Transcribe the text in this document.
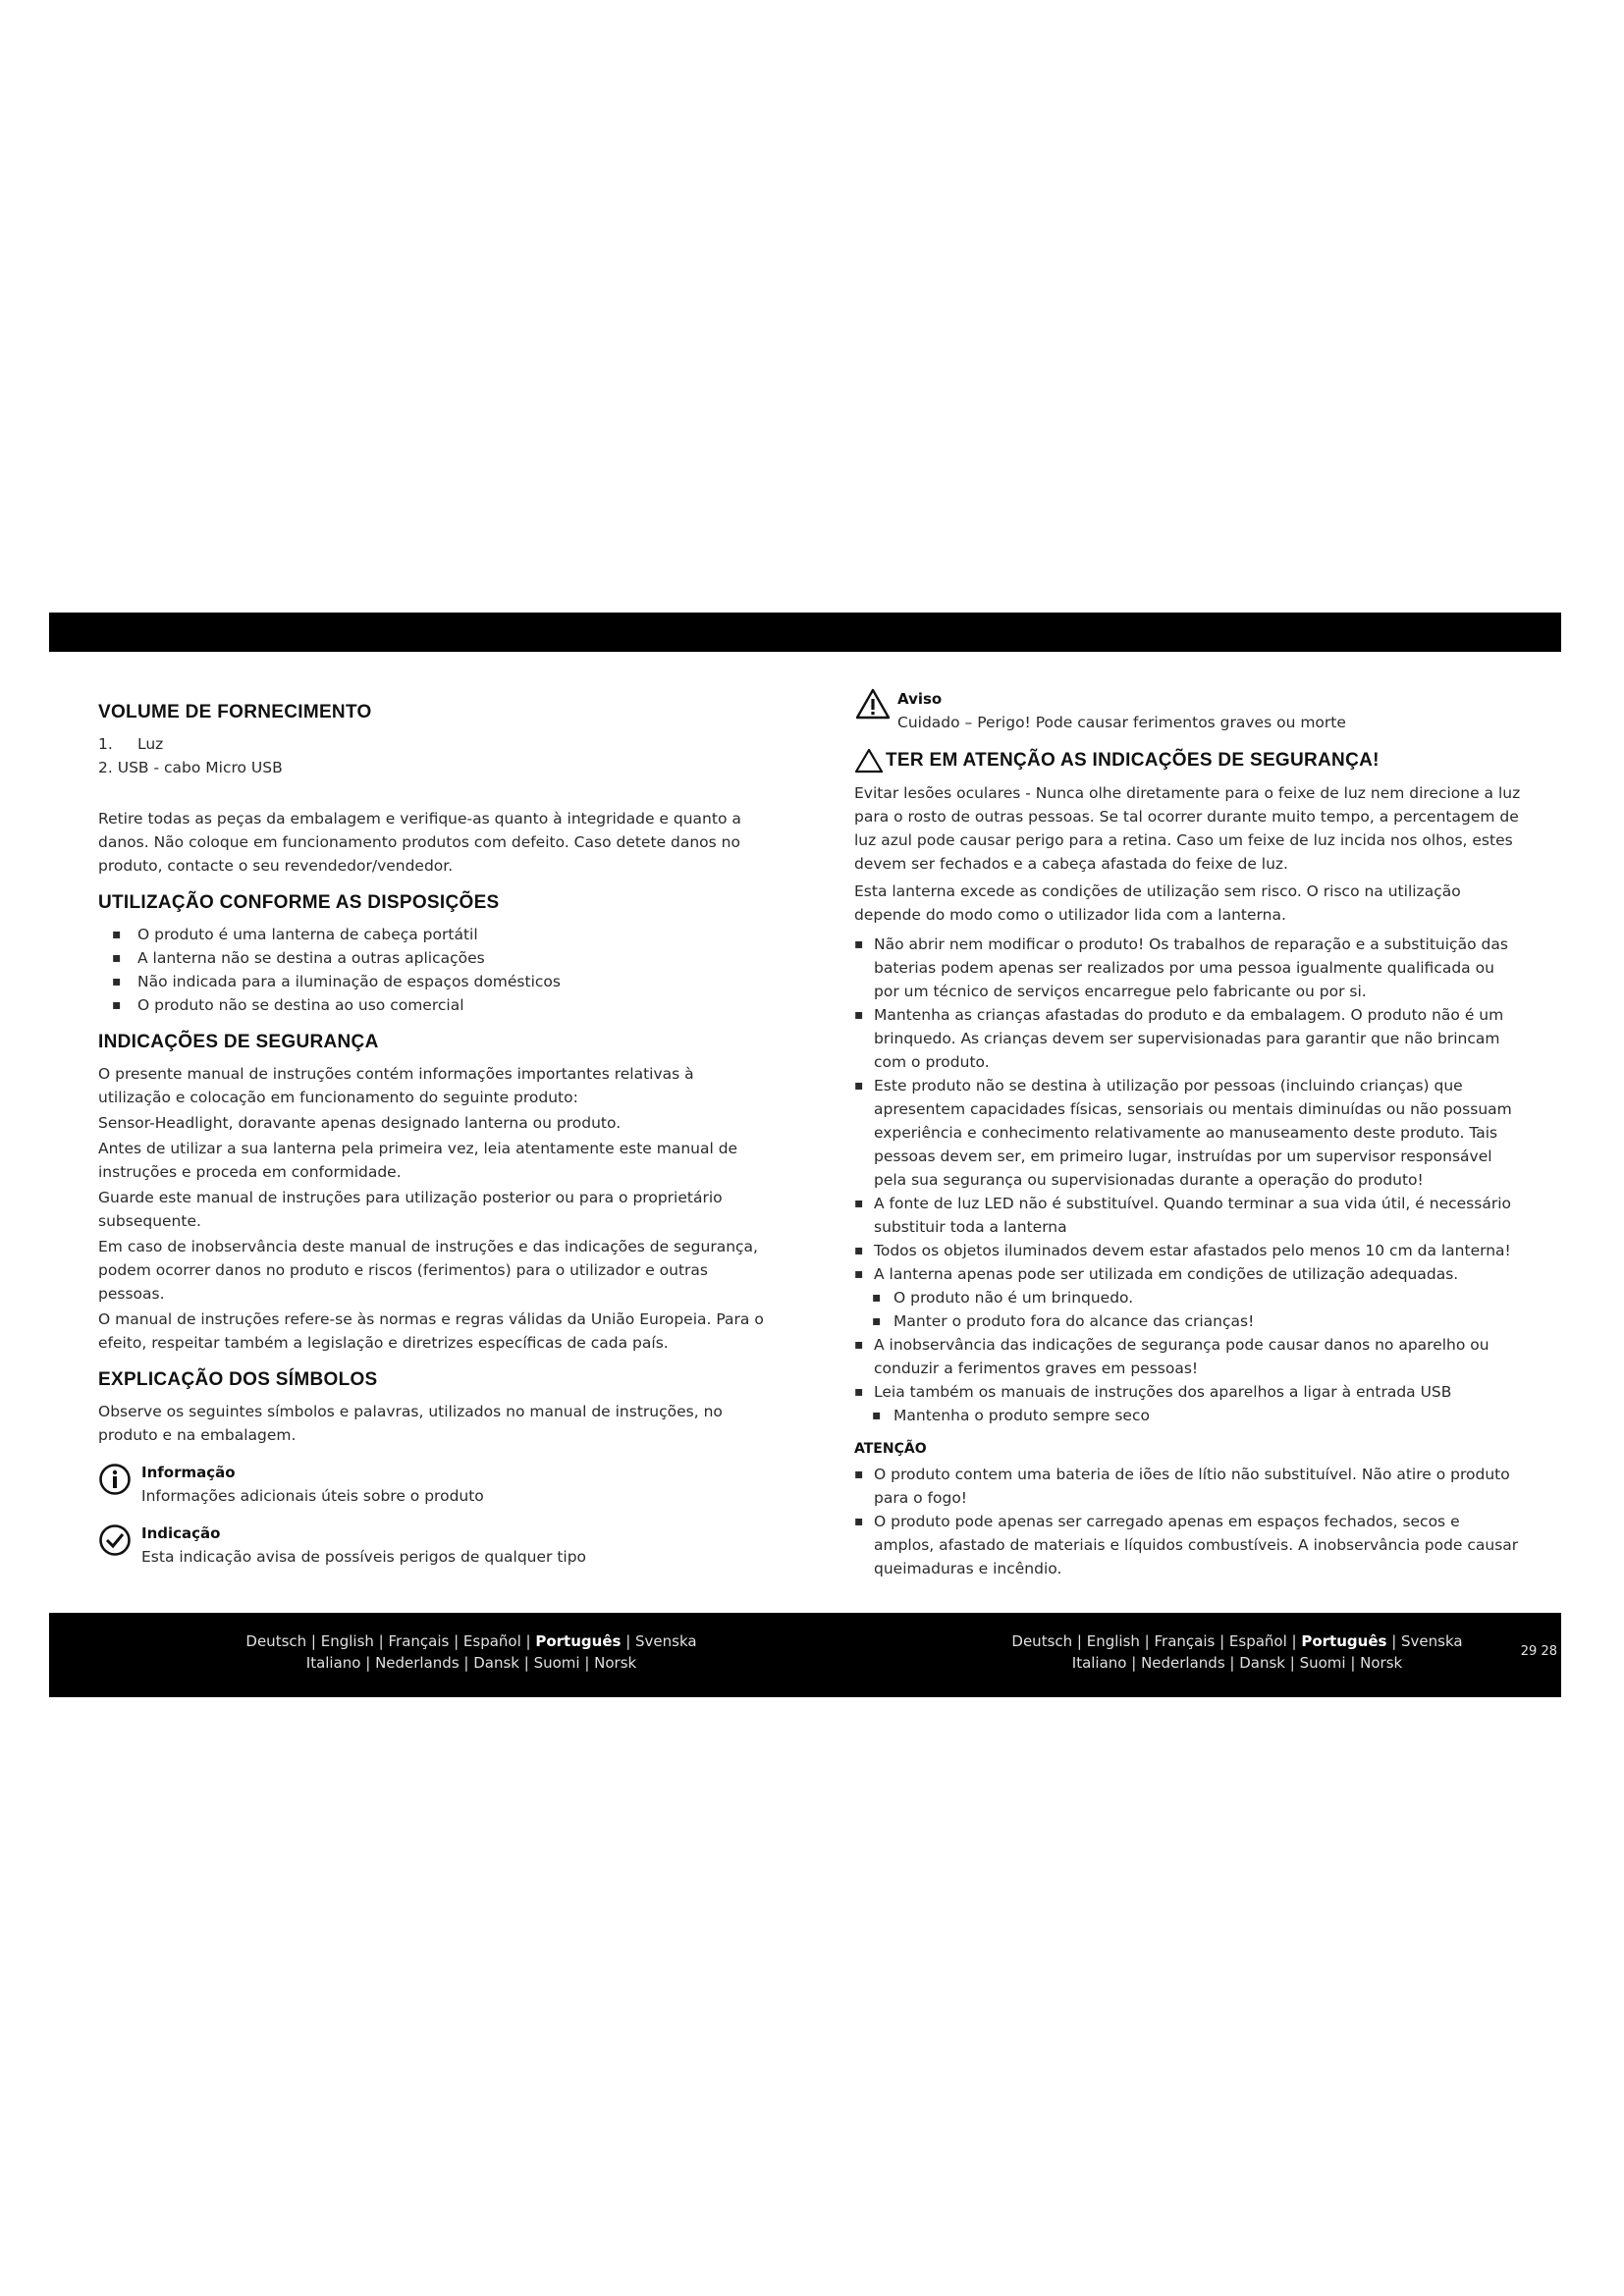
VOLUME DE FORNECIMENTO
1. Luz
2. USB - cabo Micro USB

Retire todas as peças da embalagem e verifique-as quanto à integridade e quanto a danos. Não coloque em funcionamento produtos com defeito. Caso detete danos no produto, contacte o seu revendedor/vendedor.

UTILIZAÇÃO CONFORME AS DISPOSIÇÕES
▪ O produto é uma lanterna de cabeça portátil
▪ A lanterna não se destina a outras aplicações
▪ Não indicada para a iluminação de espaços domésticos
▪ O produto não se destina ao uso comercial
INDICAÇÕES DE SEGURANÇA

O presente manual de instruções contém informações importantes relativas à utilização e colocação em funcionamento do seguinte produto:

Sensor-Headlight, doravante apenas designado lanterna ou produto.

Antes de utilizar a sua lanterna pela primeira vez, leia atentamente este manual de instruções e proceda em conformidade.

Guarde este manual de instruções para utilização posterior ou para o proprietário subsequente.

Em caso de inobservância deste manual de instruções e das indicações de segurança, podem ocorrer danos no produto e riscos (ferimentos) para o utilizador e outras pessoas.

O manual de instruções refere-se às normas e regras válidas da União Europeia. Para o efeito, respeitar também a legislação e diretrizes específicas de cada país.

EXPLICAÇÃO DOS SÍMBOLOS

Observe os seguintes símbolos e palavras, utilizados no manual de instruções, no produto e na embalagem.

Informação
Informações adicionais úteis sobre o produto
Indicação
Esta indicação avisa de possíveis perigos de qualquer tipo
Aviso
Cuidado – Perigo! Pode causar ferimentos graves ou morte
TER EM ATENÇÃO AS INDICAÇÕES DE SEGURANÇA!

Evitar lesões oculares - Nunca olhe diretamente para o feixe de luz nem direcione a luz para o rosto de outras pessoas. Se tal ocorrer durante muito tempo, a percentagem de luz azul pode causar perigo para a retina. Caso um feixe de luz incida nos olhos, estes devem ser fechados e a cabeça afastada do feixe de luz.

Esta lanterna excede as condições de utilização sem risco. O risco na utilização depende do modo como o utilizador lida com a lanterna.

▪ Não abrir nem modificar o produto! Os trabalhos de reparação e a substituição das baterias podem apenas ser realizados por uma pessoa igualmente qualificada ou por um técnico de serviços encarregue pelo fabricante ou por si.
▪ Mantenha as crianças afastadas do produto e da embalagem. O produto não é um brinquedo. As crianças devem ser supervisionadas para garantir que não brincam com o produto.
▪ Este produto não se destina à utilização por pessoas (incluindo crianças) que apresentem capacidades físicas, sensoriais ou mentais diminuídas ou não possuam experiência e conhecimento relativamente ao manuseamento deste produto. Tais pessoas devem ser, em primeiro lugar, instruídas por um supervisor responsável pela sua segurança ou supervisionadas durante a operação do produto!
▪ A fonte de luz LED não é substituível. Quando terminar a sua vida útil, é necessário substituir toda a lanterna
▪ Todos os objetos iluminados devem estar afastados pelo menos 10 cm da lanterna!
▪ A lanterna apenas pode ser utilizada em condições de utilização adequadas.
▪ O produto não é um brinquedo.
▪ Manter o produto fora do alcance das crianças!
▪ A inobservância das indicações de segurança pode causar danos no aparelho ou conduzir a ferimentos graves em pessoas!
▪ Leia também os manuais de instruções dos aparelhos a ligar à entrada USB
▪ Mantenha o produto sempre seco
ATENÇÃO
▪ O produto contem uma bateria de iões de lítio não substituível. Não atire o produto para o fogo!
▪ O produto pode apenas ser carregado apenas em espaços fechados, secos e amplos, afastado de materiais e líquidos combustíveis. A inobservância pode causar queimaduras e incêndio.
Deutsch | English | Français | Español | Português | Svenska
Italiano | Nederlands | Dansk | Suomi | Norsk
Deutsch | English | Français | Español | Português | Svenska
Italiano | Nederlands | Dansk | Suomi | Norsk
29 28
